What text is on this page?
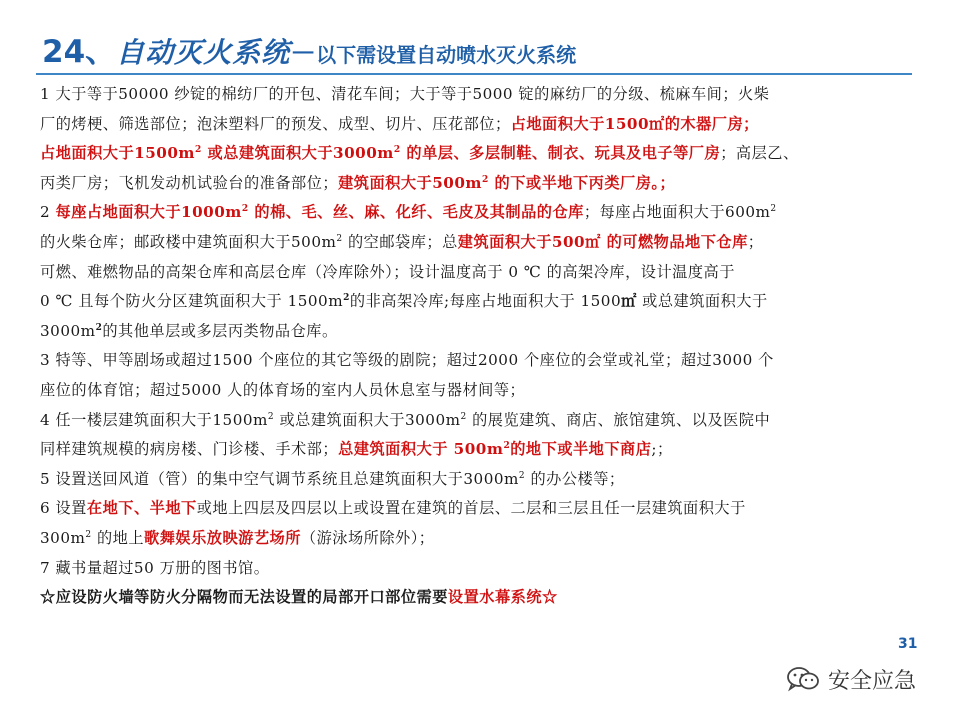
24、自动灭火系统－以下需设置自动喷水灭火系统
1 大于等于50000 纱锭的棉纺厂的开包、清花车间；大于等于5000 锭的麻纺厂的分级、梳麻车间；火柴
厂的烤梗、筛选部位；泡沫塑料厂的预发、成型、切片、压花部位；占地面积大于1500㎡的木器厂房；
占地面积大于$1500m^2$ 或总建筑面积大于$3000m^2$ 的单层、多层制鞋、制衣、玩具及电子等厂房；高层乙、
丙类厂房；飞机发动机试验台的准备部位；建筑面积大于$500m^2$ 的下或半地下丙类厂房。；
2 每座占地面积大于$1000m^2$ 的棉、毛、丝、麻、化纤、毛皮及其制品的仓库；每座占地面积大于$600m^2$
的火柴仓库；邮政楼中建筑面积大于$500m^2$ 的空邮袋库；总建筑面积大于500㎡ 的可燃物品地下仓库；
可燃、难燃物品的高架仓库和高层仓库（冷库除外）；设计温度高于 0 ℃ 的高架冷库，设计温度高于
0 ℃ 且每个防火分区建筑面积大于 $1500m^2$的非高架冷库;每座占地面积大于 1500㎡ 或总建筑面积大于
$3000m^2$的其他单层或多层丙类物品仓库。
3 特等、甲等剧场或超过1500 个座位的其它等级的剧院；超过2000 个座位的会堂或礼堂；超过3000 个
座位的体育馆；超过5000 人的体育场的室内人员休息室与器材间等；
4 任一楼层建筑面积大于$1500m^2$ 或总建筑面积大于$3000m^2$ 的展览建筑、商店、旅馆建筑、以及医院中
同样建筑规模的病房楼、门诊楼、手术部；总建筑面积大于 $500m^2$的地下或半地下商店;；
5 设置送回风道（管）的集中空气调节系统且总建筑面积大于$3000m^2$ 的办公楼等；
6 设置在地下、半地下或地上四层及四层以上或设置在建筑的首层、二层和三层且任一层建筑面积大于
$300m^2$ 的地上歌舞娱乐放映游艺场所（游泳场所除外）；
7 藏书量超过50 万册的图书馆。
☆应设防火墙等防火分隔物而无法设置的局部开口部位需要设置水幕系统☆
31
安全应急
